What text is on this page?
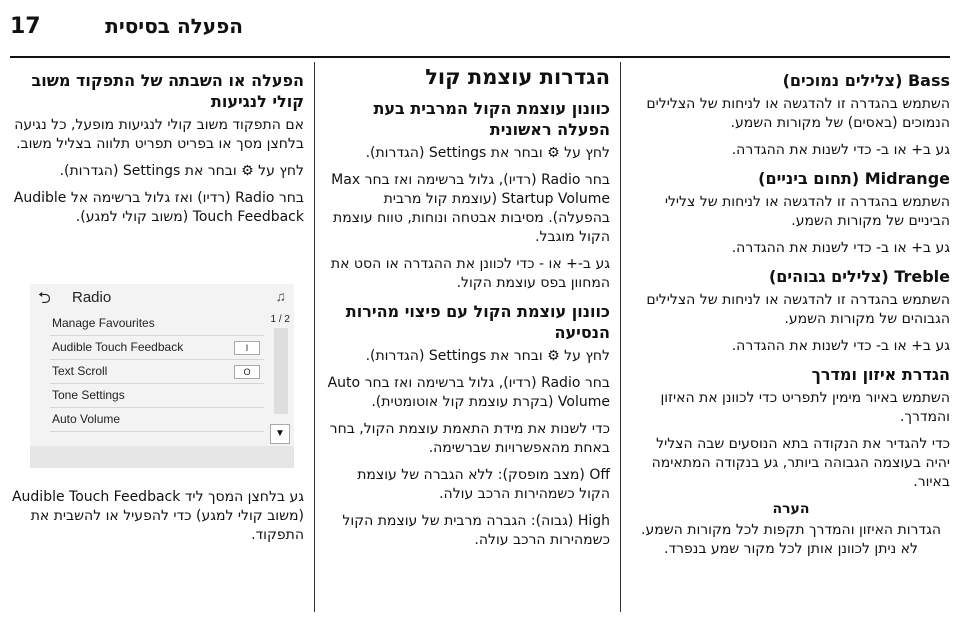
17	הפעלה בסיסית
Bass (צלילים נמוכים)

השתמש בהגדרה זו להדגשה או לניחות של הצלילים הנמוכים (באסים) של מקורות השמע.

גע ב+ או ב- כדי לשנות את ההגדרה.

Midrange (תחום ביניים)

השתמש בהגדרה זו להדגשה או לניחות של צלילי הביניים של מקורות השמע.

גע ב+ או ב- כדי לשנות את ההגדרה.

Treble (צלילים גבוהים)

השתמש בהגדרה זו להדגשה או לניחות של הצלילים הגבוהים של מקורות השמע.

גע ב+ או ב- כדי לשנות את ההגדרה.

הגדרת איזון ומדרך

השתמש באיור מימין לתפריט כדי לכוונן את האיזון והמדרך.

כדי להגדיר את הנקודה בתא הנוסעים שבה הצליל יהיה בעוצמה הגבוהה ביותר, גע בנקודה המתאימה באיור.

הערה

הגדרות האיזון והמדרך תקפות לכל מקורות השמע. לא ניתן לכוונן אותן לכל מקור שמע בנפרד.

הגדרות עוצמת קול
כוונון עוצמת הקול המרבית בעת הפעלה ראשונית

לחץ על ⚙ ובחר את Settings (הגדרות).

בחר Radio (רדיו), גלול ברשימה ואז בחר Max Startup Volume (עוצמת קול מרבית בהפעלה). מסיבות אבטחה ונוחות, טווח עוצמת הקול מוגבל.

גע ב-+ או - כדי לכוונן את ההגדרה או הסט את המחוון בפס עוצמת הקול.

כוונון עוצמת הקול עם פיצוי מהירות הנסיעה

לחץ על ⚙ ובחר את Settings (הגדרות).

בחר Radio (רדיו), גלול ברשימה ואז בחר Auto Volume (בקרת עוצמת קול אוטומטית).

כדי לשנות את מידת התאמת עוצמת הקול, בחר באחת מהאפשרויות שברשימה.

Off (מצב מופסק): ללא הגברה של עוצמת הקול כשמהירות הרכב עולה.

High (גבוה): הגברה מרבית של עוצמת הקול כשמהירות הרכב עולה.

הפעלה או השבתה של התפקוד משוב קולי לנגיעות

אם התפקוד משוב קולי לנגיעות מופעל, כל נגיעה בלחצן מסך או בפריט תפריט תלווה בצליל משוב.

לחץ על ⚙ ובחר את Settings (הגדרות).

בחר Radio (רדיו) ואז גלול ברשימה אל Audible Touch Feedback (משוב קולי למגע).

גע בלחצן המסך ליד Audible Touch Feedback (משוב קולי למגע) כדי להפעיל או להשבית את התפקוד.

⮌ Radio	♫
Manage Favourites
Audible Touch Feedback	I
Text Scroll	O
Tone Settings
Auto Volume
1 / 2
▼
